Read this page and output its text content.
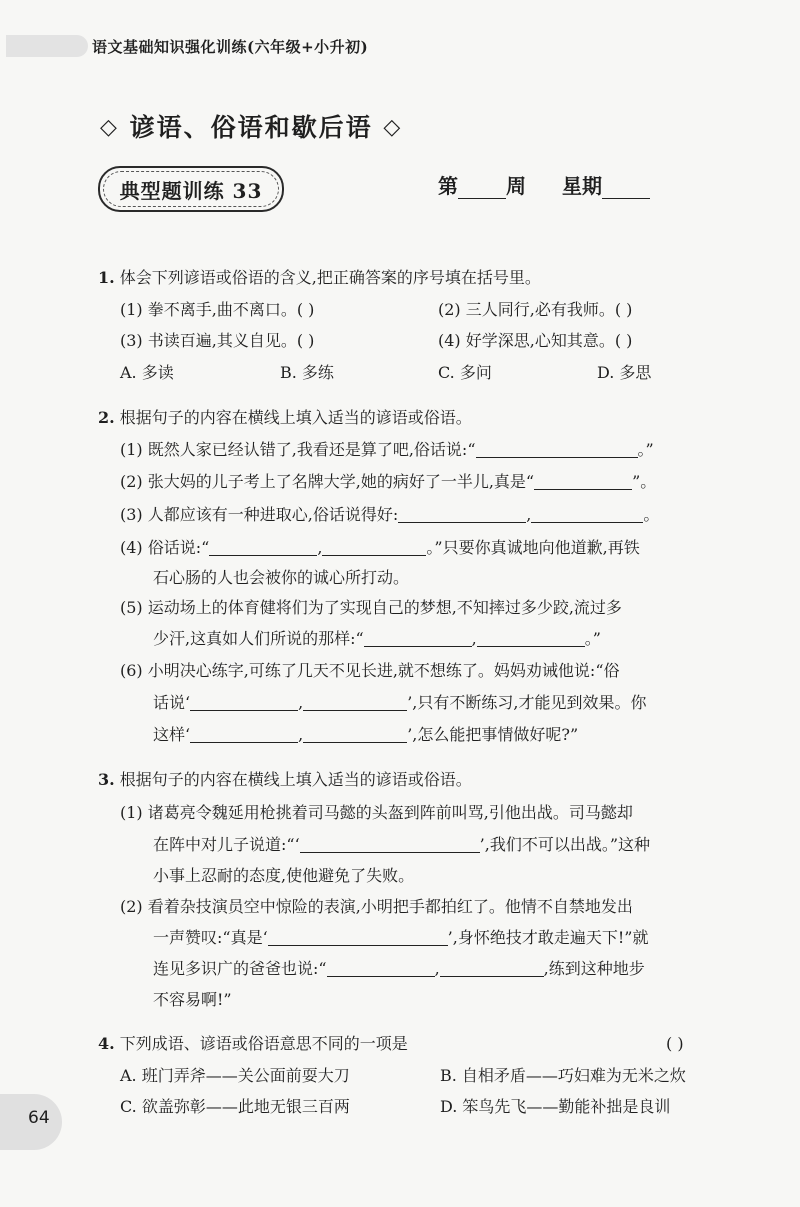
语文基础知识强化训练(六年级+小升初)
◇ 谚语、俗语和歇后语 ◇
典型题训练 33	第 周 星期
1. 体会下列谚语或俗语的含义,把正确答案的序号填在括号里。
(1) 拳不离手,曲不离口。( )	(2) 三人同行,必有我师。( )
(3) 书读百遍,其义自见。( )	(4) 好学深思,心知其意。( )
A. 多读	B. 多练	C. 多问	D. 多思
2. 根据句子的内容在横线上填入适当的谚语或俗语。
(1) 既然人家已经认错了,我看还是算了吧,俗话说:“	。”
(2) 张大妈的儿子考上了名牌大学,她的病好了一半儿,真是“	”。
(3) 人都应该有一种进取心,俗话说得好:	,	。
(4) 俗话说:“	,	。”只要你真诚地向他道歉,再铁
石心肠的人也会被你的诚心所打动。
(5) 运动场上的体育健将们为了实现自己的梦想,不知摔过多少跤,流过多
少汗,这真如人们所说的那样:“	,	。”
(6) 小明决心练字,可练了几天不见长进,就不想练了。妈妈劝诫他说:“俗
话说‘	,	’,只有不断练习,才能见到效果。你
这样‘	,	’,怎么能把事情做好呢?”
3. 根据句子的内容在横线上填入适当的谚语或俗语。
(1) 诸葛亮令魏延用枪挑着司马懿的头盔到阵前叫骂,引他出战。司马懿却
在阵中对儿子说道:“‘	’,我们不可以出战。”这种
小事上忍耐的态度,使他避免了失败。
(2) 看着杂技演员空中惊险的表演,小明把手都拍红了。他情不自禁地发出
一声赞叹:“真是‘	’,身怀绝技才敢走遍天下!”就
连见多识广的爸爸也说:“	,	,练到这种地步
不容易啊!”
4. 下列成语、谚语或俗语意思不同的一项是	( )
A. 班门弄斧——关公面前耍大刀	B. 自相矛盾——巧妇难为无米之炊
C. 欲盖弥彰——此地无银三百两	D. 笨鸟先飞——勤能补拙是良训
64
